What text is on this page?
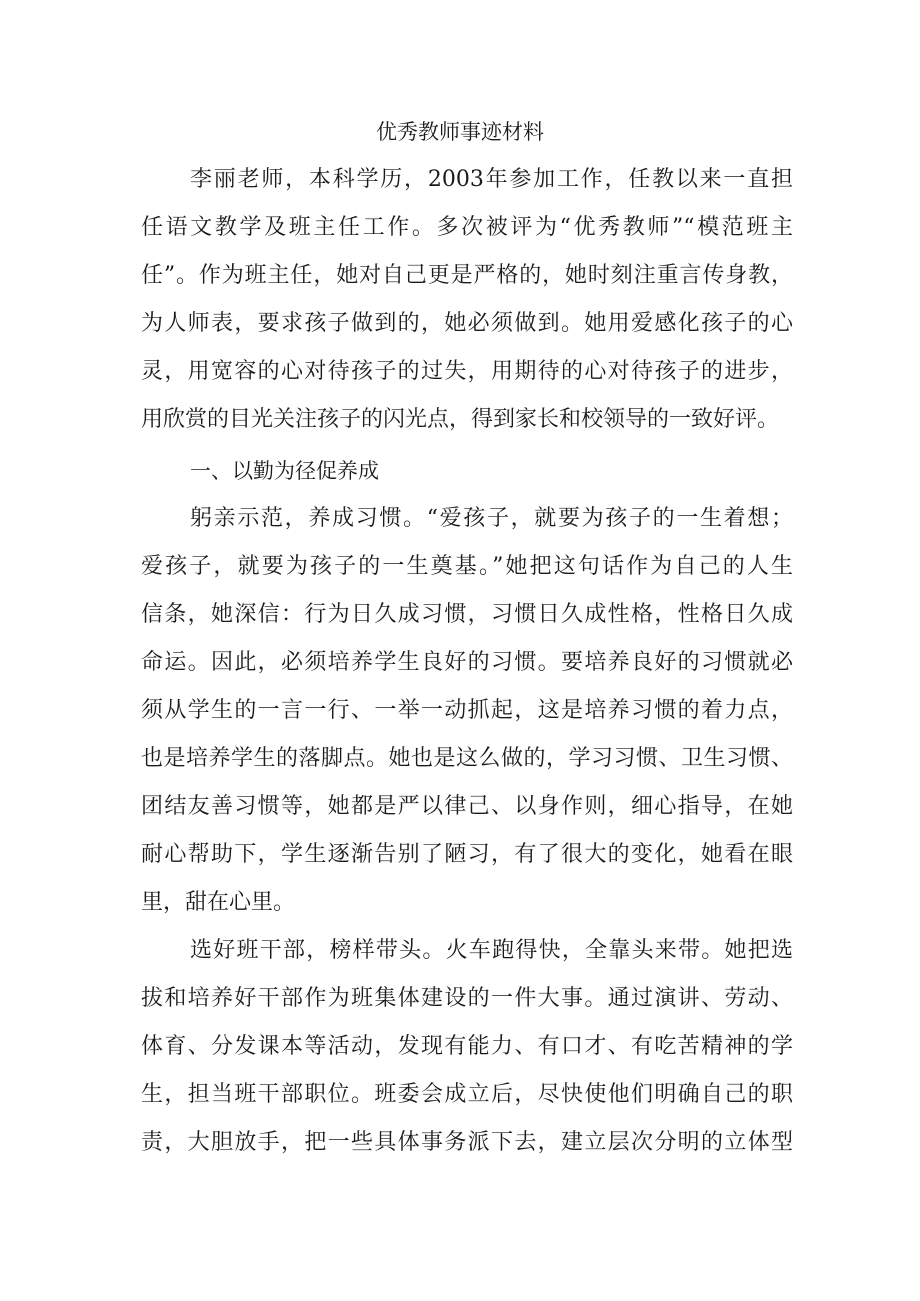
优秀教师事迹材料
李丽老师，本科学历，2003年参加工作，任教以来一直担
任语文教学及班主任工作。多次被评为“优秀教师”“模范班主
任”。作为班主任，她对自己更是严格的，她时刻注重言传身教，
为人师表，要求孩子做到的，她必须做到。她用爱感化孩子的心
灵，用宽容的心对待孩子的过失，用期待的心对待孩子的进步，
用欣赏的目光关注孩子的闪光点，得到家长和校领导的一致好评。
一、以勤为径促养成
躬亲示范，养成习惯。“爱孩子，就要为孩子的一生着想；
爱孩子，就要为孩子的一生奠基。”她把这句话作为自己的人生
信条，她深信：行为日久成习惯，习惯日久成性格，性格日久成
命运。因此，必须培养学生良好的习惯。要培养良好的习惯就必
须从学生的一言一行、一举一动抓起，这是培养习惯的着力点，
也是培养学生的落脚点。她也是这么做的，学习习惯、卫生习惯、
团结友善习惯等，她都是严以律己、以身作则，细心指导，在她
耐心帮助下，学生逐渐告别了陋习，有了很大的变化，她看在眼
里，甜在心里。
选好班干部，榜样带头。火车跑得快，全靠头来带。她把选
拔和培养好干部作为班集体建设的一件大事。通过演讲、劳动、
体育、分发课本等活动，发现有能力、有口才、有吃苦精神的学
生，担当班干部职位。班委会成立后，尽快使他们明确自己的职
责，大胆放手，把一些具体事务派下去，建立层次分明的立体型
